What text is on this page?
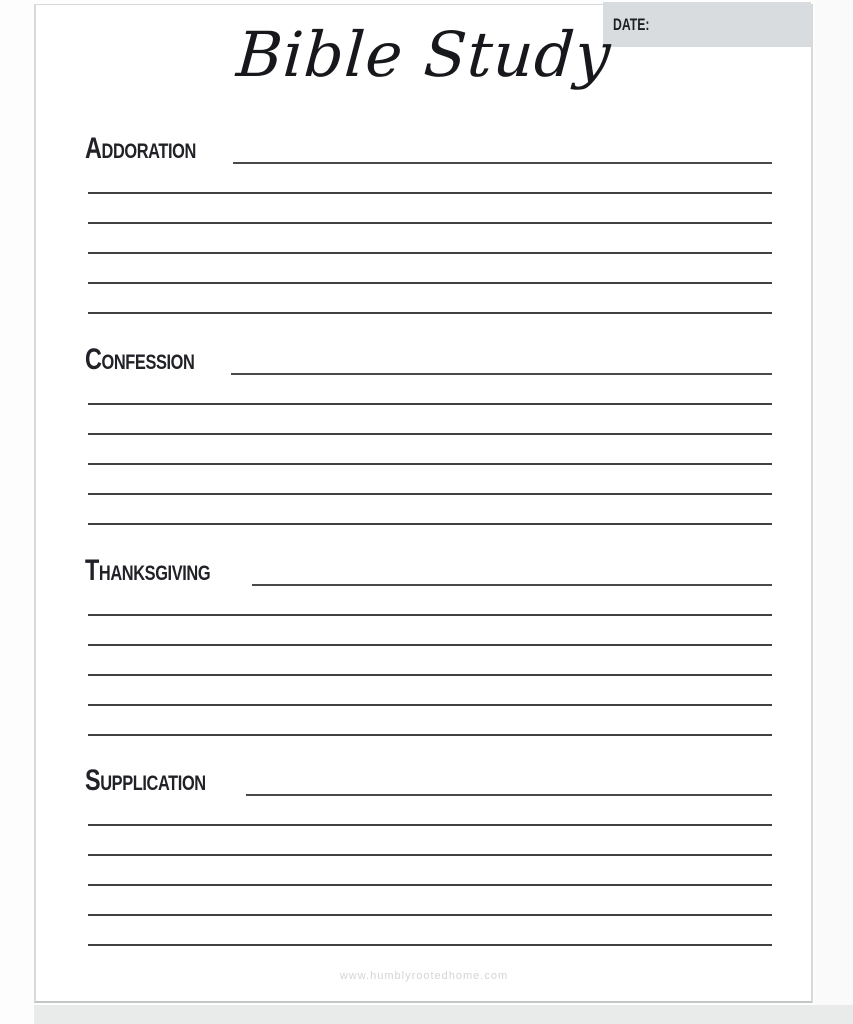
DATE:
Bible Study
Addoration
Confession
Thanksgiving
Supplication
www.humblyrootedhome.com
